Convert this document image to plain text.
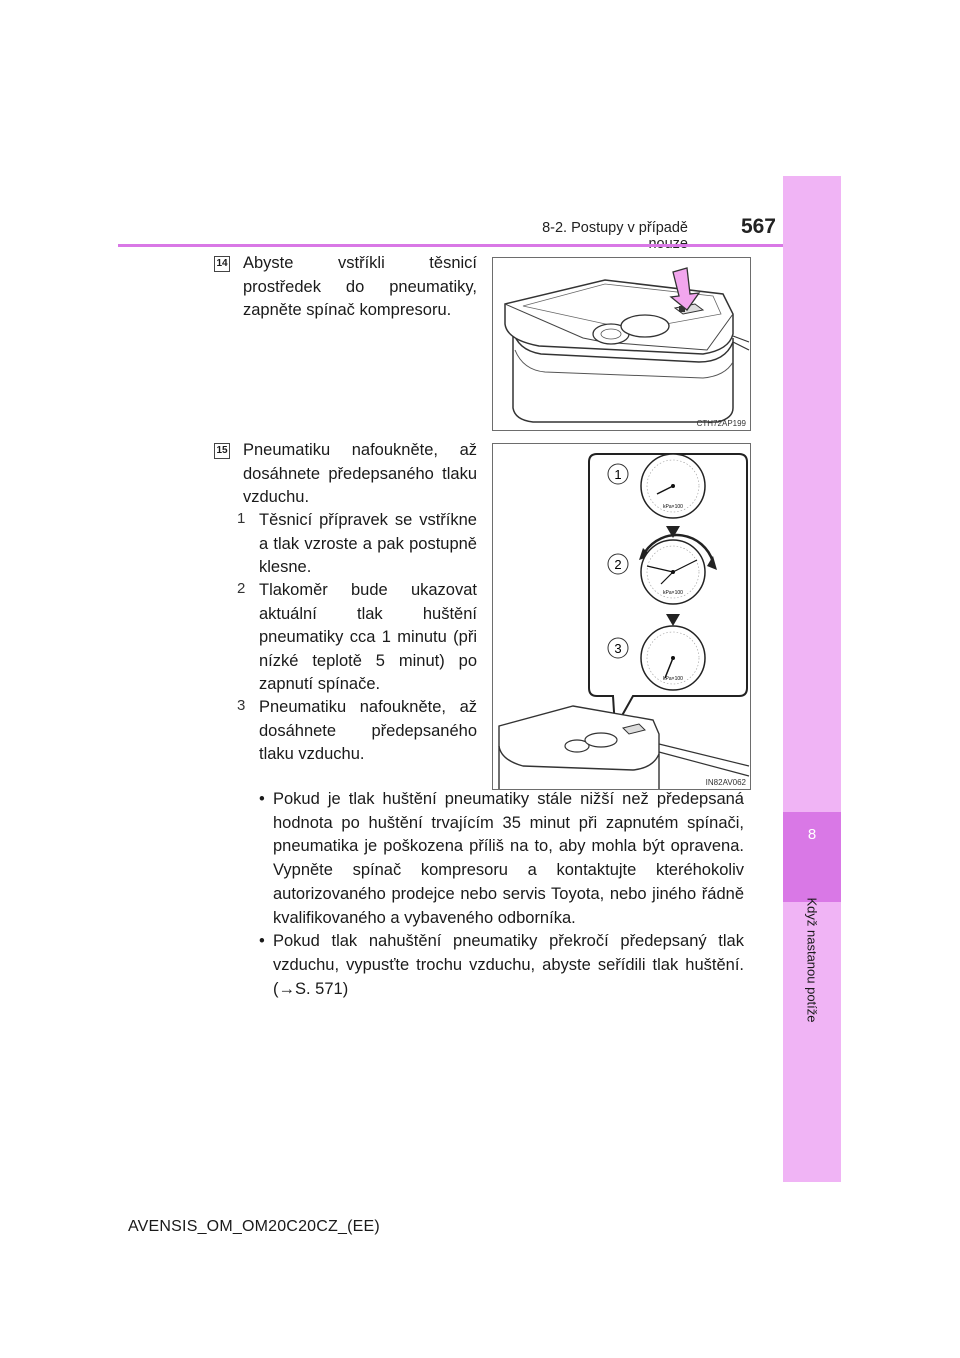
8
Když nastanou potíže
8-2. Postupy v případě	567
14 Abyste vstříkli těsnicí prostředek do pneumatiky, zapněte spínač kompresoru.
CTH72AP199
15 Pneumatiku nafoukněte, až dosáhnete předepsaného tlaku vzduchu.
1 Těsnicí přípravek se vstříkne a tlak vzroste a pak postupně klesne.
2 Tlakoměr bude ukazovat aktuální tlak huštění pneumatiky cca 1 minutu (při nízké teplotě 5 minut) po zapnutí spínače.
3 Pneumatiku nafoukněte, až dosáhnete předepsaného tlaku vzduchu.
1
2
3
kPa×100
kPa×100
kPa×100
IN82AV062
• Pokud je tlak huštění pneumatiky stále nižší než předepsaná hodnota po huštění trvajícím 35 minut při zapnutém spínači, pneumatika je poškozena příliš na to, aby mohla být opravena. Vypněte spínač kompresoru a kontaktujte kteréhokoliv autorizovaného prodejce nebo servis Toyota, nebo jiného řádně kvalifikovaného a vybaveného odborníka.
• Pokud tlak nahuštění pneumatiky překročí předepsaný tlak vzduchu, vypusťte trochu vzduchu, abyste seřídili tlak huštění. (→S. 571)
AVENSIS_OM_OM20C20CZ_(EE)
